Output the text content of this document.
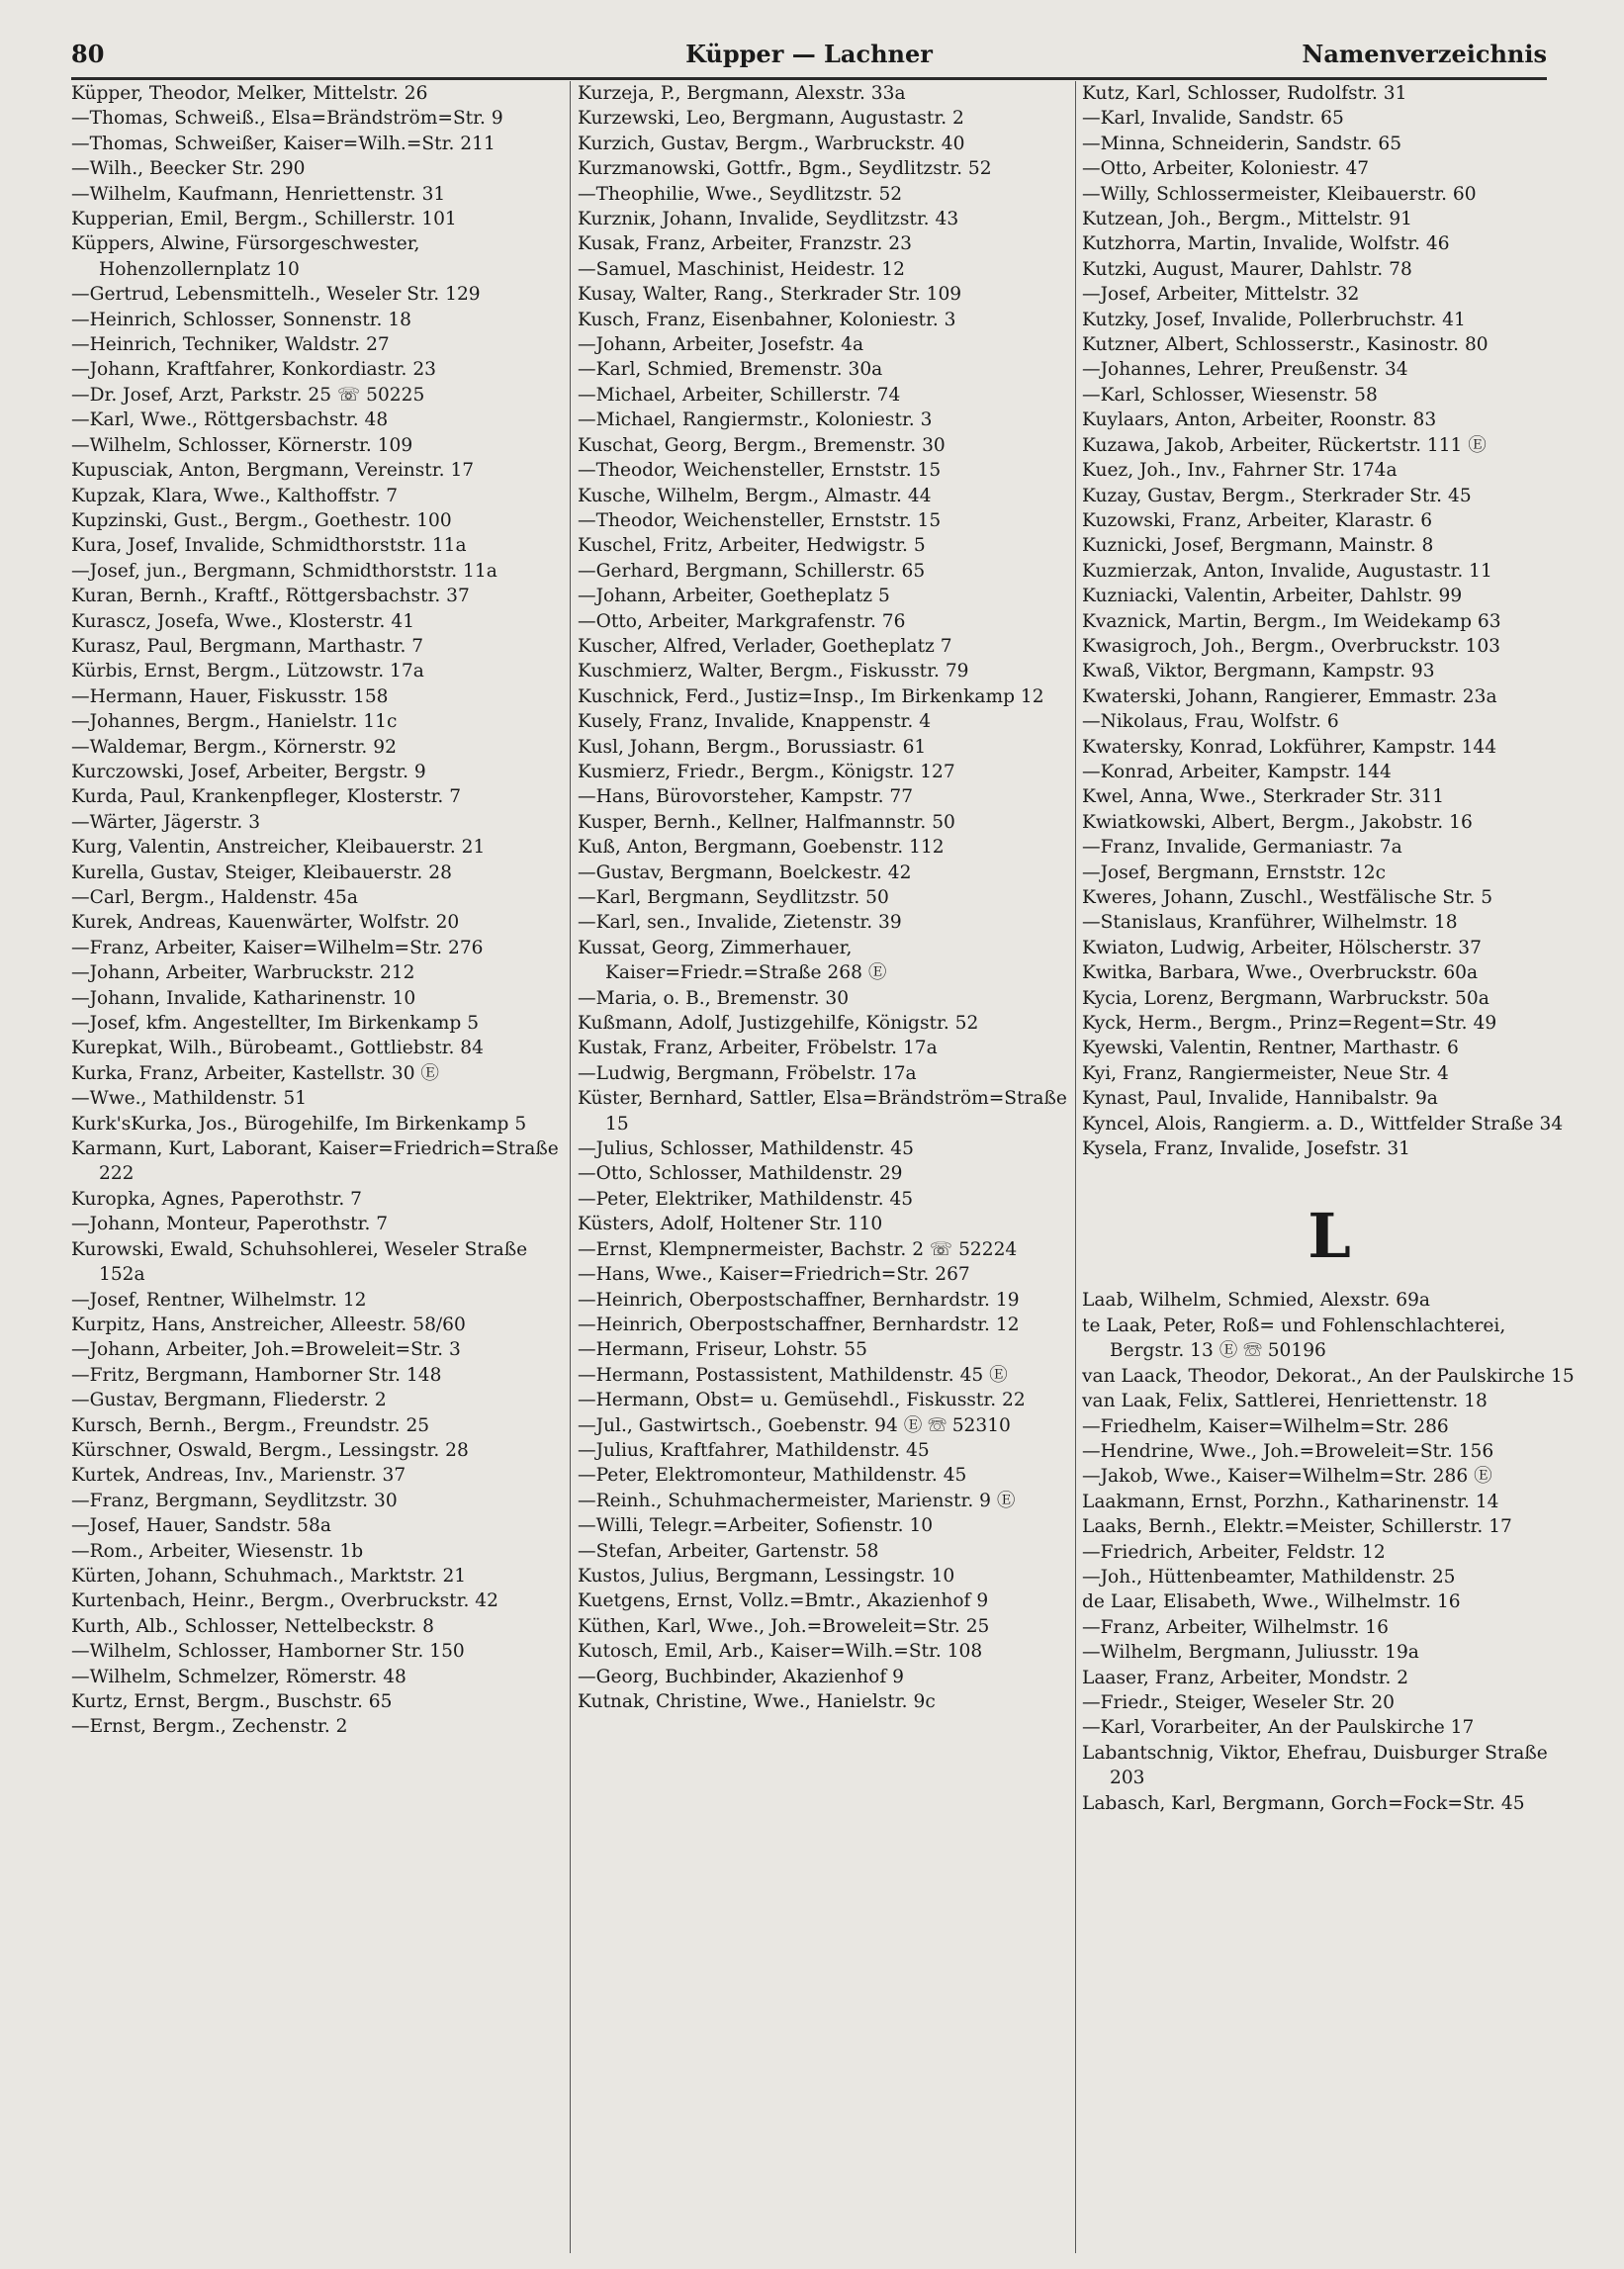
80	Küpper — Lachner	Namenverzeichnis
Küpper, Theodor, Melker, Mittelstr. 26
—Thomas, Schweiß., Elsa=Brändström=Str. 9
—Thomas, Schweißer, Kaiser=Wilh.=Str. 211
—Wilh., Beecker Str. 290
—Wilhelm, Kaufmann, Henriettenstr. 31
Kupperian, Emil, Bergm., Schillerstr. 101
Küppers, Alwine, Fürsorgeschwester, Hohenzollernplatz 10
—Gertrud, Lebensmittelh., Weseler Str. 129
—Heinrich, Schlosser, Sonnenstr. 18
—Heinrich, Techniker, Waldstr. 27
—Johann, Kraftfahrer, Konkordiastr. 23
—Dr. Josef, Arzt, Parkstr. 25 ☏ 50225
—Karl, Wwe., Röttgersbachstr. 48
—Wilhelm, Schlosser, Körnerstr. 109
Kupusciak, Anton, Bergmann, Vereinstr. 17
Kupzak, Klara, Wwe., Kalthoffstr. 7
Kupzinski, Gust., Bergm., Goethestr. 100
Kura, Josef, Invalide, Schmidthorststr. 11a
—Josef, jun., Bergmann, Schmidthorststr. 11a
Kuran, Bernh., Kraftf., Röttgersbachstr. 37
Kurascz, Josefa, Wwe., Klosterstr. 41
Kurasz, Paul, Bergmann, Marthastr. 7
Kürbis, Ernst, Bergm., Lützowstr. 17a
—Hermann, Hauer, Fiskusstr. 158
—Johannes, Bergm., Hanielstr. 11c
—Waldemar, Bergm., Körnerstr. 92
Kurczowski, Josef, Arbeiter, Bergstr. 9
Kurda, Paul, Krankenpfleger, Klosterstr. 7
—Wärter, Jägerstr. 3
Kurg, Valentin, Anstreicher, Kleibauerstr. 21
Kurella, Gustav, Steiger, Kleibauerstr. 28
—Carl, Bergm., Haldenstr. 45a
Kurek, Andreas, Kauenwärter, Wolfstr. 20
—Franz, Arbeiter, Kaiser=Wilhelm=Str. 276
—Johann, Arbeiter, Warbruckstr. 212
—Johann, Invalide, Katharinenstr. 10
—Josef, kfm. Angestellter, Im Birkenkamp 5
Kurepkat, Wilh., Bürobeamt., Gottliebstr. 84
Kurka, Franz, Arbeiter, Kastellstr. 30 Ⓔ
—Wwe., Mathildenstr. 51
Kurk'sKurka, Jos., Bürogehilfe, Im Birkenkamp 5
Karmann, Kurt, Laborant, Kaiser=Friedrich=Straße 222
Kuropka, Agnes, Paperothstr. 7
—Johann, Monteur, Paperothstr. 7
Kurowski, Ewald, Schuhsohlerei, Weseler Straße 152a
—Josef, Rentner, Wilhelmstr. 12
Kurpitz, Hans, Anstreicher, Alleestr. 58/60
—Johann, Arbeiter, Joh.=Broweleit=Str. 3
—Fritz, Bergmann, Hamborner Str. 148
—Gustav, Bergmann, Fliederstr. 2
Kursch, Bernh., Bergm., Freundstr. 25
Kürschner, Oswald, Bergm., Lessingstr. 28
Kurtek, Andreas, Inv., Marienstr. 37
—Franz, Bergmann, Seydlitzstr. 30
—Josef, Hauer, Sandstr. 58a
—Rom., Arbeiter, Wiesenstr. 1b
Kürten, Johann, Schuhmach., Marktstr. 21
Kurtenbach, Heinr., Bergm., Overbruckstr. 42
Kurth, Alb., Schlosser, Nettelbeckstr. 8
—Wilhelm, Schlosser, Hamborner Str. 150
—Wilhelm, Schmelzer, Römerstr. 48
Kurtz, Ernst, Bergm., Buschstr. 65
—Ernst, Bergm., Zechenstr. 2
Kurzeja, P., Bergmann, Alexstr. 33a
Kurzewski, Leo, Bergmann, Augustastr. 2
Kurzich, Gustav, Bergm., Warbruckstr. 40
Kurzmanowski, Gottfr., Bgm., Seydlitzstr. 52
—Theophilie, Wwe., Seydlitzstr. 52
Kurzniк, Johann, Invalide, Seydlitzstr. 43
Kusak, Franz, Arbeiter, Franzstr. 23
—Samuel, Maschinist, Heidestr. 12
Kusay, Walter, Rang., Sterkrader Str. 109
Kusch, Franz, Eisenbahner, Koloniestr. 3
—Johann, Arbeiter, Josefstr. 4a
—Karl, Schmied, Bremenstr. 30a
—Michael, Arbeiter, Schillerstr. 74
—Michael, Rangiermstr., Koloniestr. 3
Kuschat, Georg, Bergm., Bremenstr. 30
—Theodor, Weichensteller, Ernststr. 15
Kusche, Wilhelm, Bergm., Almastr. 44
—Theodor, Weichensteller, Ernststr. 15
Kuschel, Fritz, Arbeiter, Hedwigstr. 5
—Gerhard, Bergmann, Schillerstr. 65
—Johann, Arbeiter, Goetheplatz 5
—Otto, Arbeiter, Markgrafenstr. 76
Kuscher, Alfred, Verlader, Goetheplatz 7
Kuschmierz, Walter, Bergm., Fiskusstr. 79
Kuschnick, Ferd., Justiz=Insp., Im Birkenkamp 12
Kusely, Franz, Invalide, Knappenstr. 4
Kusl, Johann, Bergm., Borussiastr. 61
Kusmierz, Friedr., Bergm., Königstr. 127
—Hans, Bürovorsteher, Kampstr. 77
Kusper, Bernh., Kellner, Halfmannstr. 50
Kuß, Anton, Bergmann, Goebenstr. 112
—Gustav, Bergmann, Boelckestr. 42
—Karl, Bergmann, Seydlitzstr. 50
—Karl, sen., Invalide, Zietenstr. 39
Kussat, Georg, Zimmerhauer, Kaiser=Friedr.=Straße 268 Ⓔ
—Maria, o. B., Bremenstr. 30
Kußmann, Adolf, Justizgehilfe, Königstr. 52
Kustak, Franz, Arbeiter, Fröbelstr. 17a
—Ludwig, Bergmann, Fröbelstr. 17a
Küster, Bernhard, Sattler, Elsa=Brändström=Straße 15
—Julius, Schlosser, Mathildenstr. 45
—Otto, Schlosser, Mathildenstr. 29
—Peter, Elektriker, Mathildenstr. 45
Küsters, Adolf, Holtener Str. 110
—Ernst, Klempnermeister, Bachstr. 2 ☏ 52224
—Hans, Wwe., Kaiser=Friedrich=Str. 267
—Heinrich, Oberpostschaffner, Bernhardstr. 19
—Heinrich, Oberpostschaffner, Bernhardstr. 12
—Hermann, Friseur, Lohstr. 55
—Hermann, Postassistent, Mathildenstr. 45 Ⓔ
—Hermann, Obst= u. Gemüsehdl., Fiskusstr. 22
—Jul., Gastwirtsch., Goebenstr. 94 Ⓔ ☏ 52310
—Julius, Kraftfahrer, Mathildenstr. 45
—Peter, Elektromonteur, Mathildenstr. 45
—Reinh., Schuhmachermeister, Marienstr. 9 Ⓔ
—Willi, Telegr.=Arbeiter, Sofienstr. 10
—Stefan, Arbeiter, Gartenstr. 58
Kustos, Julius, Bergmann, Lessingstr. 10
Kuetgens, Ernst, Vollz.=Bmtr., Akazienhof 9
Küthen, Karl, Wwe., Joh.=Broweleit=Str. 25
Kutosch, Emil, Arb., Kaiser=Wilh.=Str. 108
—Georg, Buchbinder, Akazienhof 9
Kutnak, Christine, Wwe., Hanielstr. 9c
Kutz, Karl, Schlosser, Rudolfstr. 31
—Karl, Invalide, Sandstr. 65
—Minna, Schneiderin, Sandstr. 65
—Otto, Arbeiter, Koloniestr. 47
—Willy, Schlossermeister, Kleibauerstr. 60
Kutzean, Joh., Bergm., Mittelstr. 91
Kutzhorra, Martin, Invalide, Wolfstr. 46
Kutzki, August, Maurer, Dahlstr. 78
—Josef, Arbeiter, Mittelstr. 32
Kutzky, Josef, Invalide, Pollerbruchstr. 41
Kutzner, Albert, Schlosserstr., Kasinostr. 80
—Johannes, Lehrer, Preußenstr. 34
—Karl, Schlosser, Wiesenstr. 58
Kuylaars, Anton, Arbeiter, Roonstr. 83
Kuzawa, Jakob, Arbeiter, Rückertstr. 111 Ⓔ
Kuez, Joh., Inv., Fahrner Str. 174a
Kuzay, Gustav, Bergm., Sterkrader Str. 45
Kuzowski, Franz, Arbeiter, Klarastr. 6
Kuzniсki, Josef, Bergmann, Mainstr. 8
Kuzmierzak, Anton, Invalide, Augustastr. 11
Kuzniacki, Valentin, Arbeiter, Dahlstr. 99
Kvaznick, Martin, Bergm., Im Weidekamp 63
Kwasigroch, Joh., Bergm., Overbruckstr. 103
Kwaß, Viktor, Bergmann, Kampstr. 93
Kwaterski, Johann, Rangierer, Emmastr. 23a
—Nikolaus, Frau, Wolfstr. 6
Kwatersky, Konrad, Lokführer, Kampstr. 144
—Konrad, Arbeiter, Kampstr. 144
Kwel, Anna, Wwe., Sterkrader Str. 311
Kwiatkowski, Albert, Bergm., Jakobstr. 16
—Franz, Invalide, Germaniastr. 7a
—Josef, Bergmann, Ernststr. 12c
Kweres, Johann, Zuschl., Westfälische Str. 5
—Stanislaus, Kranführer, Wilhelmstr. 18
Kwiaton, Ludwig, Arbeiter, Hölscherstr. 37
Kwitka, Barbara, Wwe., Overbruckstr. 60a
Kycia, Lorenz, Bergmann, Warbruckstr. 50a
Kyck, Herm., Bergm., Prinz=Regent=Str. 49
Kyewski, Valentin, Rentner, Marthastr. 6
Kyi, Franz, Rangiermeister, Neue Str. 4
Kynast, Paul, Invalide, Hannibalstr. 9a
Kyncel, Alois, Rangierm. a. D., Wittfelder Straße 34
Kysela, Franz, Invalide, Josefstr. 31
L
Laab, Wilhelm, Schmied, Alexstr. 69a
te Laak, Peter, Roß= und Fohlenschlachterei, Bergstr. 13 Ⓔ ☏ 50196
van Laack, Theodor, Dekorat., An der Paulskirche 15
van Laak, Felix, Sattlerei, Henriettenstr. 18
—Friedhelm, Kaiser=Wilhelm=Str. 286
—Hendrine, Wwe., Joh.=Broweleit=Str. 156
—Jakob, Wwe., Kaiser=Wilhelm=Str. 286 Ⓔ
Laakmann, Ernst, Porzhn., Katharinenstr. 14
Laaks, Bernh., Elektr.=Meister, Schillerstr. 17
—Friedrich, Arbeiter, Feldstr. 12
—Joh., Hüttenbeamter, Mathildenstr. 25
de Laar, Elisabeth, Wwe., Wilhelmstr. 16
—Franz, Arbeiter, Wilhelmstr. 16
—Wilhelm, Bergmann, Juliusstr. 19a
Laaser, Franz, Arbeiter, Mondstr. 2
—Friedr., Steiger, Weseler Str. 20
—Karl, Vorarbeiter, An der Paulskirche 17
Labantschnig, Viktor, Ehefrau, Duisburger Straße 203
Labasch, Karl, Bergmann, Gorch=Fock=Str. 45
